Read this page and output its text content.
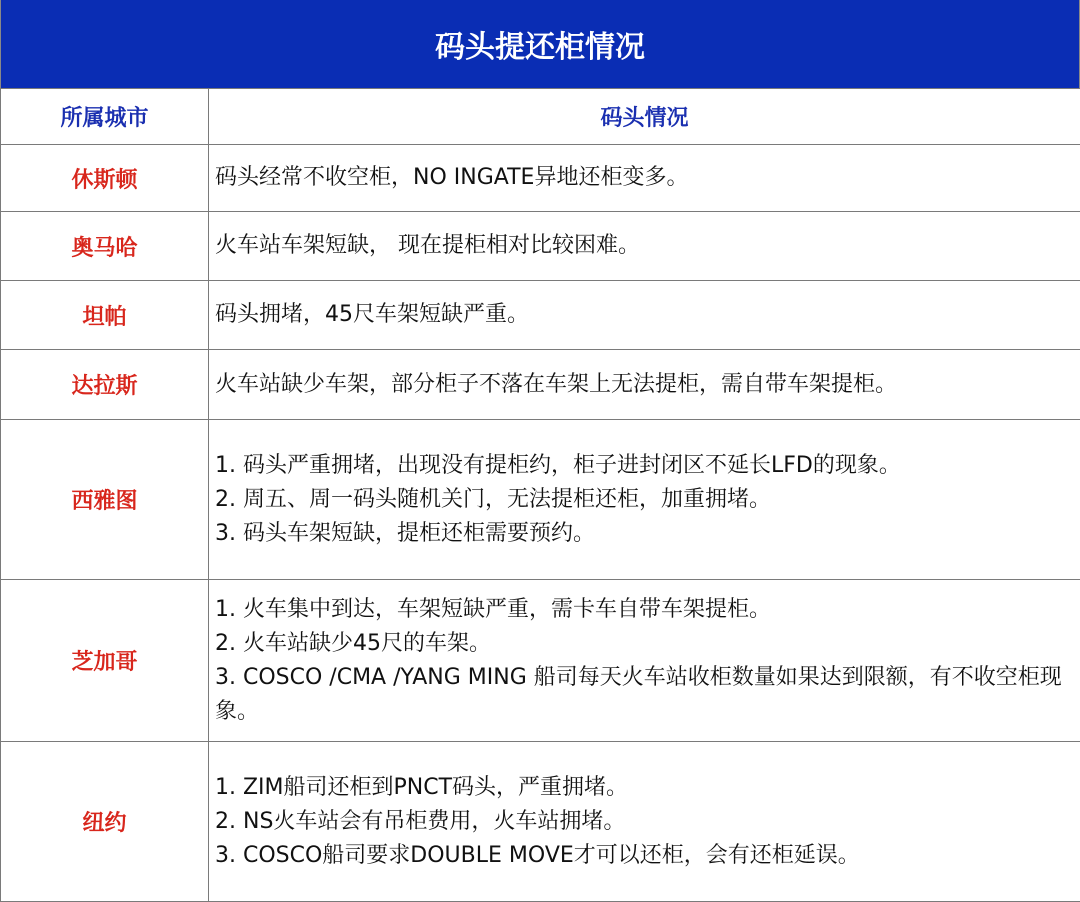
码头提还柜情况
所属城市	码头情况
休斯顿	码头经常不收空柜，NO INGATE异地还柜变多。

奥马哈	火车站车架短缺， 现在提柜相对比较困难。

坦帕	码头拥堵，45尺车架短缺严重。

达拉斯	火车站缺少车架，部分柜子不落在车架上无法提柜，需自带车架提柜。

西雅图	1. 码头严重拥堵，出现没有提柜约，柜子进封闭区不延长LFD的现象。
2. 周五、周一码头随机关门，无法提柜还柜，加重拥堵。
3. 码头车架短缺，提柜还柜需要预约。

芝加哥	1. 火车集中到达，车架短缺严重，需卡车自带车架提柜。
2. 火车站缺少45尺的车架。
3. COSCO /CMA /YANG MING 船司每天火车站收柜数量如果达到限额，有不收空柜现象。

纽约	1. ZIM船司还柜到PNCT码头，严重拥堵。
2. NS火车站会有吊柜费用，火车站拥堵。
3. COSCO船司要求DOUBLE MOVE才可以还柜，会有还柜延误。
